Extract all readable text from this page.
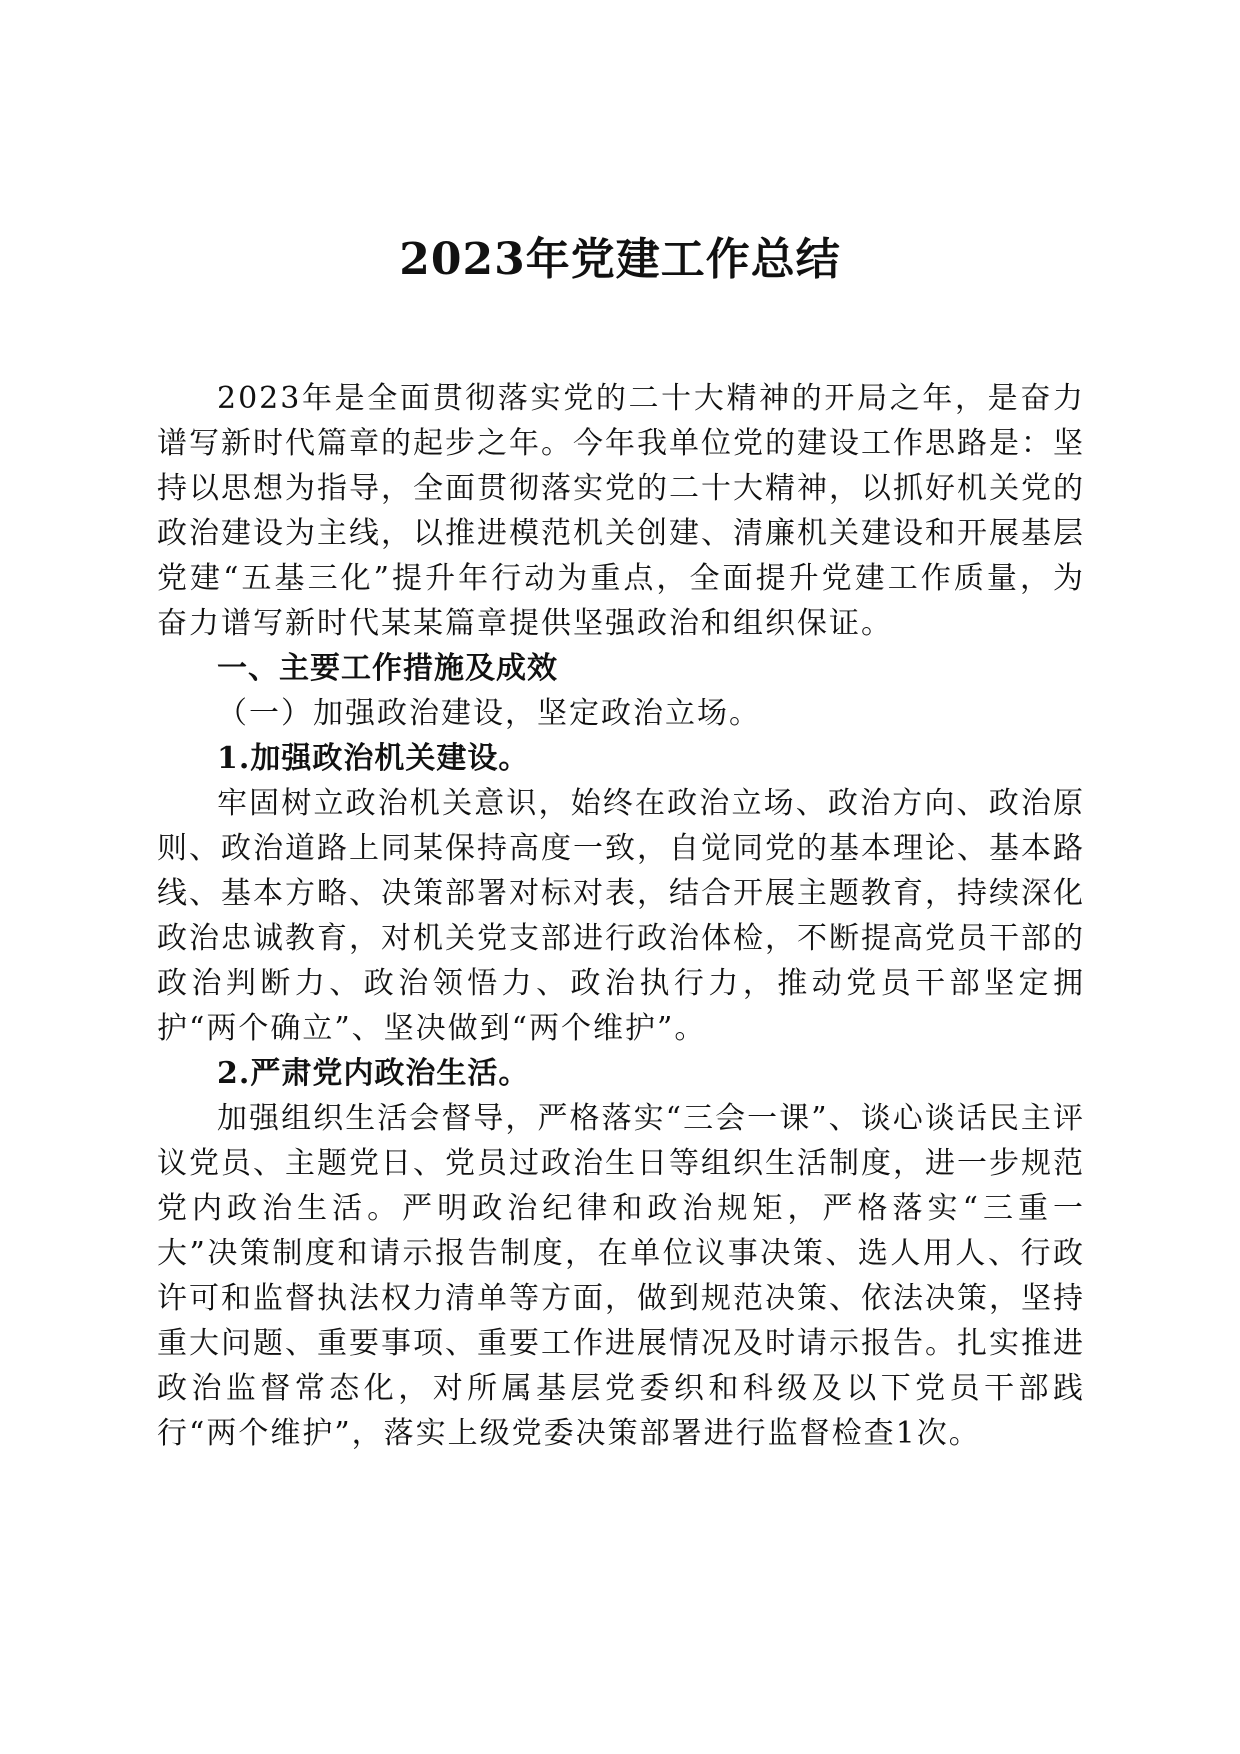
2023年党建工作总结

2023年是全面贯彻落实党的二十大精神的开局之年，是奋力谱写新时代篇章的起步之年。今年我单位党的建设工作思路是：坚持以思想为指导，全面贯彻落实党的二十大精神，以抓好机关党的政治建设为主线，以推进模范机关创建、清廉机关建设和开展基层党建“五基三化”提升年行动为重点，全面提升党建工作质量，为奋力谱写新时代某某篇章提供坚强政治和组织保证。

一、主要工作措施及成效

（一）加强政治建设，坚定政治立场。

1.加强政治机关建设。

牢固树立政治机关意识，始终在政治立场、政治方向、政治原则、政治道路上同某保持高度一致，自觉同党的基本理论、基本路线、基本方略、决策部署对标对表，结合开展主题教育，持续深化政治忠诚教育，对机关党支部进行政治体检，不断提高党员干部的政治判断力、政治领悟力、政治执行力，推动党员干部坚定拥护“两个确立”、坚决做到“两个维护”。

2.严肃党内政治生活。

加强组织生活会督导，严格落实“三会一课”、谈心谈话民主评议党员、主题党日、党员过政治生日等组织生活制度，进一步规范党内政治生活。严明政治纪律和政治规矩，严格落实“三重一大”决策制度和请示报告制度，在单位议事决策、选人用人、行政许可和监督执法权力清单等方面，做到规范决策、依法决策，坚持重大问题、重要事项、重要工作进展情况及时请示报告。扎实推进政治监督常态化，对所属基层党委织和科级及以下党员干部践行“两个维护”，落实上级党委决策部署进行监督检查1次。
